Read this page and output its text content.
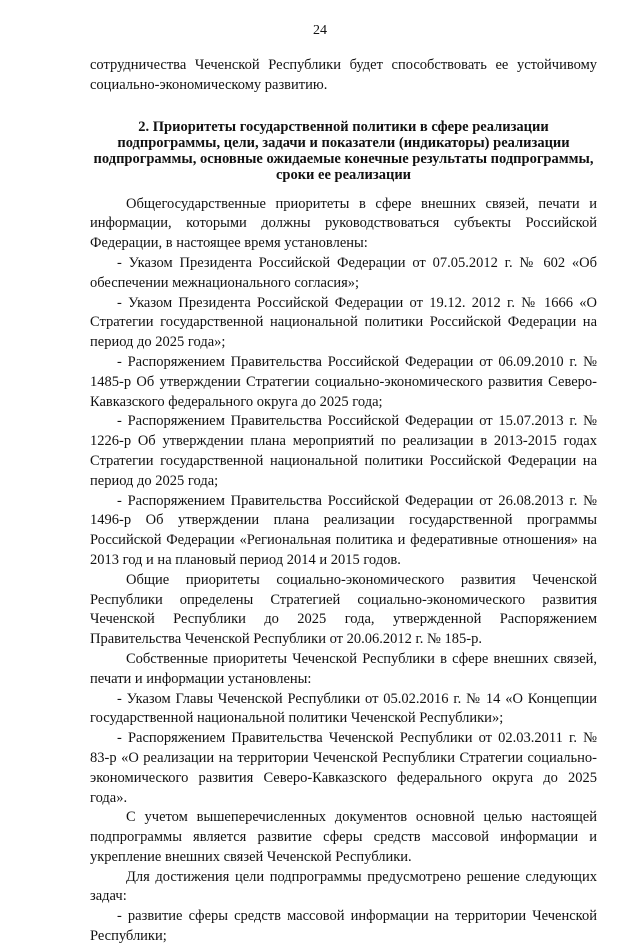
24

сотрудничества Чеченской Республики будет способствовать ее устойчивому социально-экономическому развитию.

2. Приоритеты государственной политики в сфере реализации подпрограммы, цели, задачи и показатели (индикаторы) реализации подпрограммы, основные ожидаемые конечные результаты подпрограммы, сроки ее реализации

Общегосударственные приоритеты в сфере внешних связей, печати и информации, которыми должны руководствоваться субъекты Российской Федерации, в настоящее время установлены:

- Указом Президента Российской Федерации от 07.05.2012 г. № 602 «Об обеспечении межнационального согласия»;

- Указом Президента Российской Федерации от 19.12. 2012 г. № 1666 «О Стратегии государственной национальной политики Российской Федерации на период до 2025 года»;

- Распоряжением Правительства Российской Федерации от 06.09.2010 г. № 1485-р Об утверждении Стратегии социально-экономического развития Северо-Кавказского федерального округа до 2025 года;

- Распоряжением Правительства Российской Федерации от 15.07.2013 г. № 1226-р Об утверждении плана мероприятий по реализации в 2013-2015 годах Стратегии государственной национальной политики Российской Федерации на период до 2025 года;

- Распоряжением Правительства Российской Федерации от 26.08.2013 г. № 1496-р Об утверждении плана реализации государственной программы Российской Федерации «Региональная политика и федеративные отношения» на 2013 год и на плановый период 2014 и 2015 годов.

Общие приоритеты социально-экономического развития Чеченской Республики определены Стратегией социально-экономического развития Чеченской Республики до 2025 года, утвержденной Распоряжением Правительства Чеченской Республики от 20.06.2012 г. № 185-р.

Собственные приоритеты Чеченской Республики в сфере внешних связей, печати и информации установлены:

- Указом Главы Чеченской Республики от 05.02.2016 г. № 14 «О Концепции государственной национальной политики Чеченской Республики»;

- Распоряжением Правительства Чеченской Республики от 02.03.2011 г. № 83-р «О реализации на территории Чеченской Республики Стратегии социально-экономического развития Северо-Кавказского федерального округа до 2025 года».

С учетом вышеперечисленных документов основной целью настоящей подпрограммы является развитие сферы средств массовой информации и укрепление внешних связей Чеченской Республики.

Для достижения цели подпрограммы предусмотрено решение следующих задач:

- развитие сферы средств массовой информации на территории Чеченской Республики;
